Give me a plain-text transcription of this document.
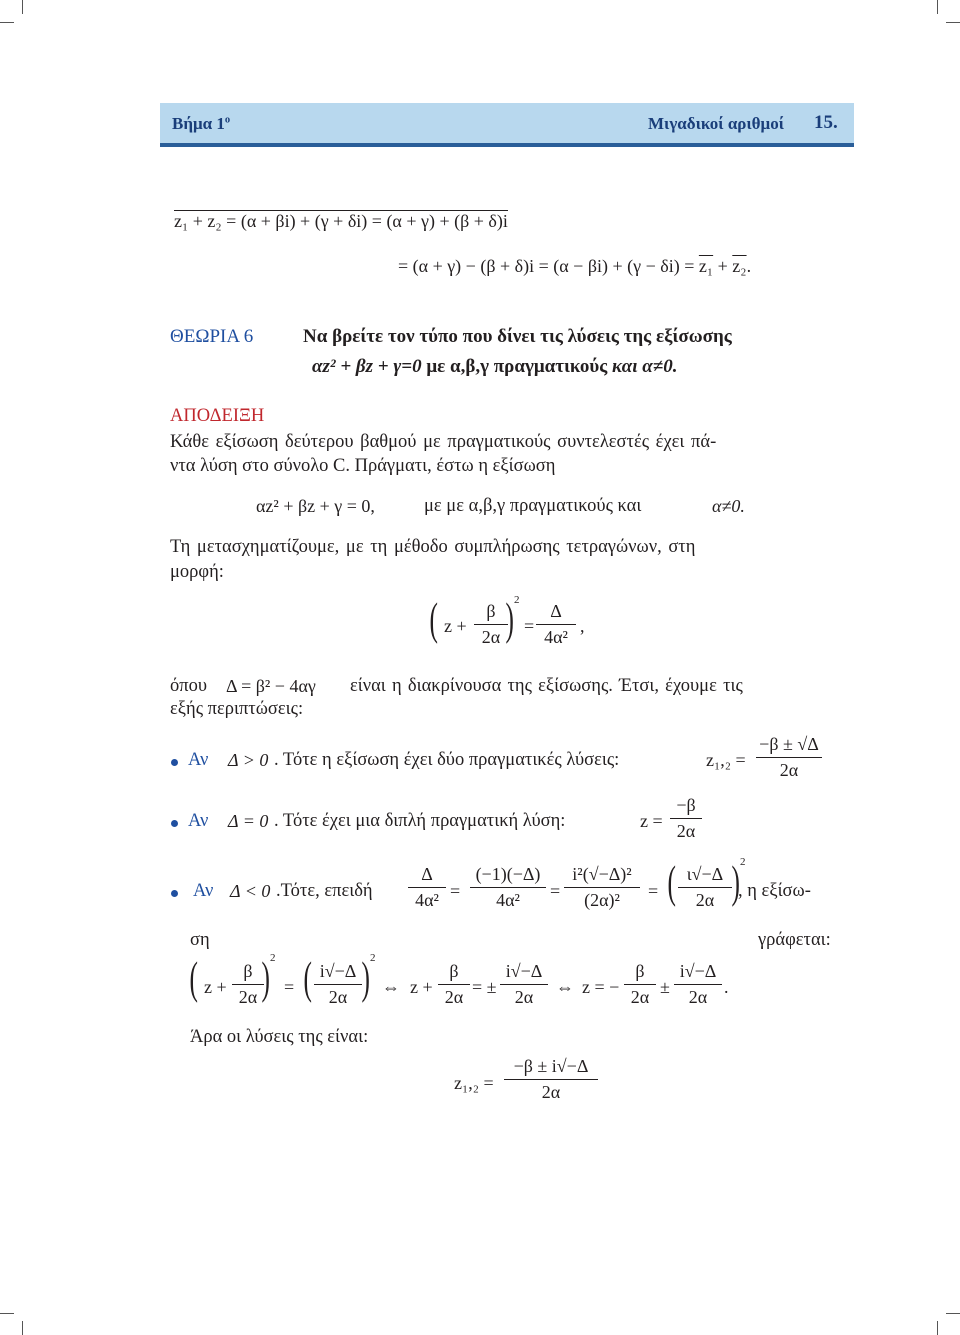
Βήμα $1^o$	Μιγαδικοί αριθμοί 15.
z₁ + z₂ = (α + βi) + (γ + δi) = (α + γ) + (β + δ)i
= (α + γ) − (β + δ)i = (α − βi) + (γ − δi) = z₁ + z₂.
ΘΕΩΡΙΑ 6	Να βρείτε τον τύπο που δίνει τις λύσεις της εξίσωσης
αz² + βz + γ=0 με α,β,γ πραγματικούς και α≠0.
ΑΠΟΔΕΙΞΗ
Κάθε εξίσωση δεύτερου βαθμού με πραγματικούς συντελεστές έχει πά-
ντα λύση στο σύνολο C. Πράγματι, έστω η εξίσωση
αz² + βz + γ = 0,	με με α,β,γ πραγματικούς και	α≠0.
Τη μετασχηματίζουμε, με τη μέθοδο συμπλήρωσης τετραγώνων, στη
μορφή:
( $z + \frac{\beta}{2\alpha}$
) 2
= $\frac{\Delta}{\text{4α²}}$ ,
όπου Δ = β² − 4αγ είναι η διακρίνουσα της εξίσωσης. Έτσι, έχουμε τις
εξής περιπτώσεις:
Αν Δ > 0 . Τότε η εξίσωση έχει δύο πραγματικές λύσεις:	$z_1,_2 = \frac{-\beta \pm √\Delta}{2\alpha}$
Αν Δ = 0 . Τότε έχει μια διπλή πραγματική λύση:	$z = \frac{-\beta}{2\alpha}$
Αν Δ < 0 .Τότε, επειδή $\frac{\Delta}{\text{4α²}} = \frac{(-1)(-\Delta)}{\text{4α²}} = \frac{\text{i²(√−Δ)²}}{\text{(2α)²}}$ = ( $\frac{\iota√-\Delta}{2\alpha}$ ) 2
, η εξίσω-
ση	γράφεται:
( $z + \frac{\beta}{2\alpha}$
) 2
= ( $\frac{i√-\Delta}{2\alpha}$ ) 2
⇔ $z + \frac{\beta}{2\alpha}$ = ± $\frac{i√-\Delta}{2\alpha}$ ⇔ z = − $\frac{\beta}{2\alpha} \pm \frac{i√-\Delta}{2\alpha}$ .
Άρα οι λύσεις της είναι:
$z_1,_2 = \frac{-\beta \pm i√-\Delta}{2\alpha}$
